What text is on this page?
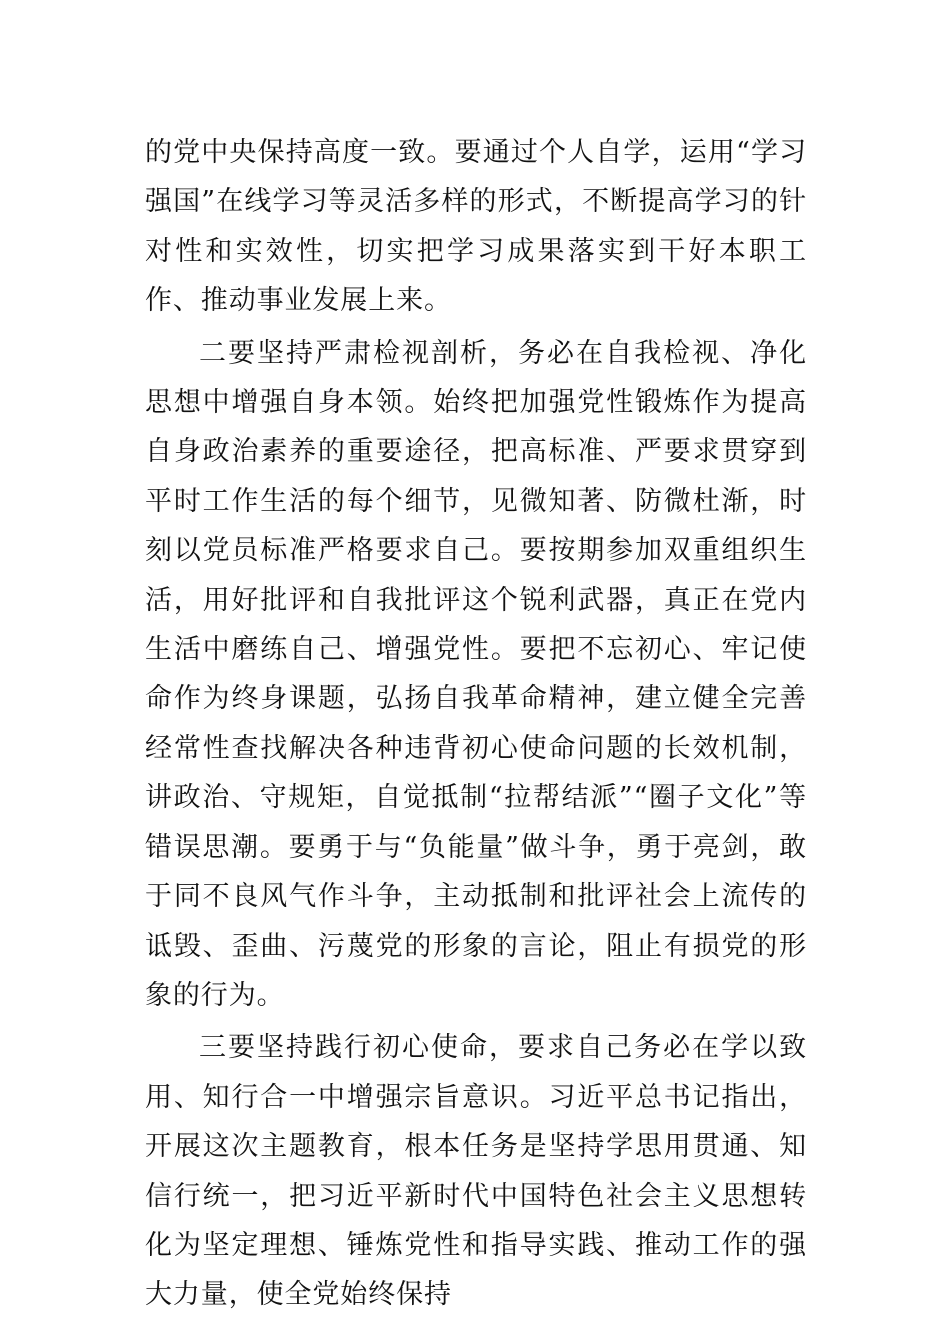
的党中央保持高度一致。要通过个人自学，运用“学习强国”在线学习等灵活多样的形式，不断提高学习的针对性和实效性，切实把学习成果落实到干好本职工作、推动事业发展上来。

二要坚持严肃检视剖析，务必在自我检视、净化思想中增强自身本领。始终把加强党性锻炼作为提高自身政治素养的重要途径，把高标准、严要求贯穿到平时工作生活的每个细节，见微知著、防微杜渐，时刻以党员标准严格要求自己。要按期参加双重组织生活，用好批评和自我批评这个锐利武器，真正在党内生活中磨练自己、增强党性。要把不忘初心、牢记使命作为终身课题，弘扬自我革命精神，建立健全完善经常性查找解决各种违背初心使命问题的长效机制，讲政治、守规矩，自觉抵制“拉帮结派”“圈子文化”等错误思潮。要勇于与“负能量”做斗争，勇于亮剑，敢于同不良风气作斗争，主动抵制和批评社会上流传的诋毁、歪曲、污蔑党的形象的言论，阻止有损党的形象的行为。

三要坚持践行初心使命，要求自己务必在学以致用、知行合一中增强宗旨意识。习近平总书记指出，开展这次主题教育，根本任务是坚持学思用贯通、知信行统一，把习近平新时代中国特色社会主义思想转化为坚定理想、锤炼党性和指导实践、推动工作的强大力量，使全党始终保持
